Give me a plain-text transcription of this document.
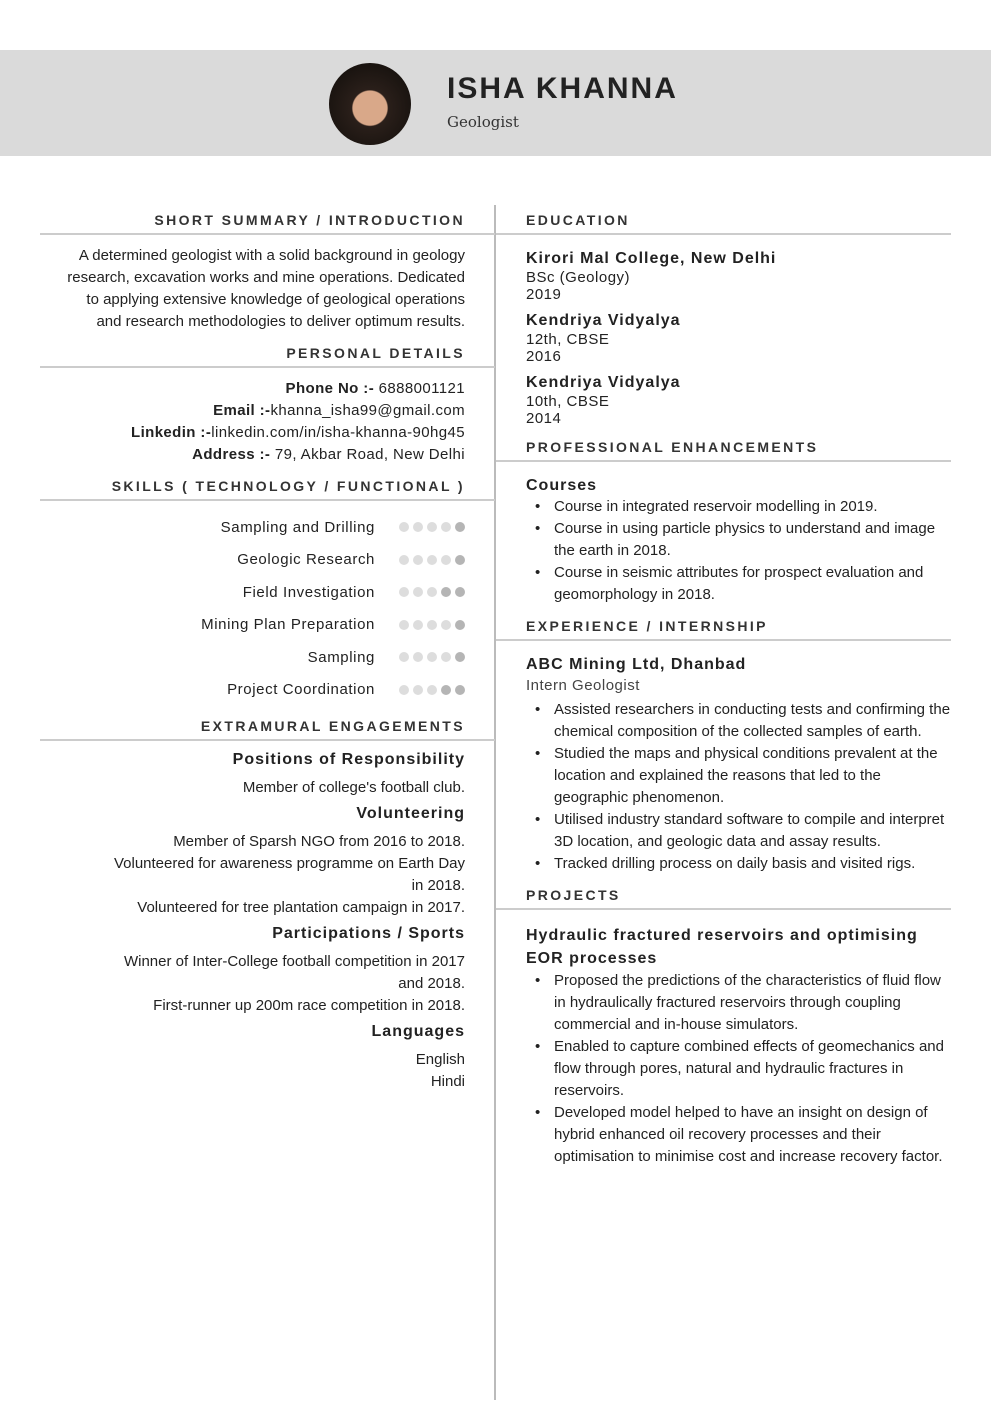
ISHA KHANNA
Geologist
SHORT SUMMARY / INTRODUCTION
A determined geologist with a solid background in geology research, excavation works and mine operations. Dedicated to applying extensive knowledge of geological operations and research methodologies to deliver optimum results.
PERSONAL DETAILS
Phone No :- 6888001121
Email :-khanna_isha99@gmail.com
Linkedin :-linkedin.com/in/isha-khanna-90hg45
Address :- 79, Akbar Road, New Delhi
SKILLS ( TECHNOLOGY / FUNCTIONAL )
Sampling and Drilling
Geologic Research
Field Investigation
Mining Plan Preparation
Sampling
Project Coordination
EXTRAMURAL ENGAGEMENTS
Positions of Responsibility
Member of college's football club.
Volunteering
Member of Sparsh NGO from 2016 to 2018.
Volunteered for awareness programme on Earth Day in 2018.
Volunteered for tree plantation campaign in 2017.
Participations / Sports
Winner of Inter-College football competition in 2017 and 2018.
First-runner up 200m race competition in 2018.
Languages
English
Hindi
EDUCATION
Kirori Mal College, New Delhi
BSc (Geology)
2019
Kendriya Vidyalya
12th, CBSE
2016
Kendriya Vidyalya
10th, CBSE
2014
PROFESSIONAL ENHANCEMENTS
Courses
• Course in integrated reservoir modelling in 2019.
• Course in using particle physics to understand and image the earth in 2018.
• Course in seismic attributes for prospect evaluation and geomorphology in 2018.
EXPERIENCE / INTERNSHIP
ABC Mining Ltd, Dhanbad
Intern Geologist
• Assisted researchers in conducting tests and confirming the chemical composition of the collected samples of earth.
• Studied the maps and physical conditions prevalent at the location and explained the reasons that led to the geographic phenomenon.
• Utilised industry standard software to compile and interpret 3D location, and geologic data and assay results.
• Tracked drilling process on daily basis and visited rigs.
PROJECTS
Hydraulic fractured reservoirs and optimising EOR processes
• Proposed the predictions of the characteristics of fluid flow in hydraulically fractured reservoirs through coupling commercial and in-house simulators.
• Enabled to capture combined effects of geomechanics and flow through pores, natural and hydraulic fractures in reservoirs.
• Developed model helped to have an insight on design of hybrid enhanced oil recovery processes and their optimisation to minimise cost and increase recovery factor.
